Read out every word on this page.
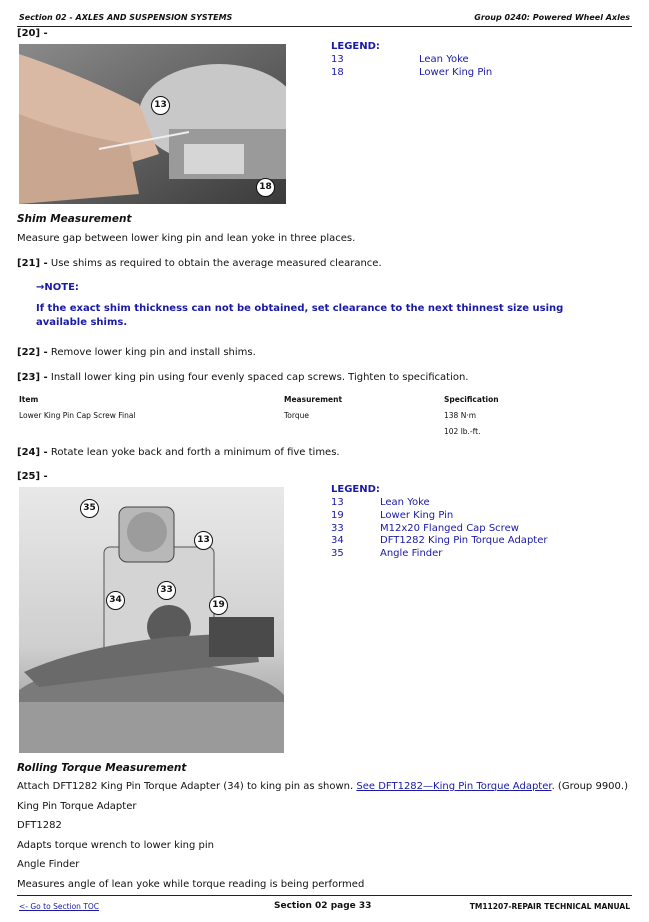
Section 02 - AXLES AND SUSPENSION SYSTEMS	Group 0240: Powered Wheel Axles
[20] -
13
18
LEGEND:
13	Lean Yoke
18	Lower King Pin
Shim Measurement
Measure gap between lower king pin and lean yoke in three places.
[21] - Use shims as required to obtain the average measured clearance.
→NOTE:
If the exact shim thickness can not be obtained, set clearance to the next thinnest size using available shims.
[22] - Remove lower king pin and install shims.
[23] - Install lower king pin using four evenly spaced cap screws. Tighten to specification.
Item	Measurement	Specification
Lower King Pin Cap Screw Final	Torque	138 N·m
102 lb.-ft.
[24] - Rotate lean yoke back and forth a minimum of five times.
[25] -
35
13
33
34	19
LEGEND:
13	Lean Yoke
19	Lower King Pin
33	M12x20 Flanged Cap Screw
34	DFT1282 King Pin Torque Adapter
35	Angle Finder
Rolling Torque Measurement
Attach DFT1282 King Pin Torque Adapter (34) to king pin as shown. See DFT1282—King Pin Torque Adapter. (Group 9900.)
King Pin Torque Adapter
DFT1282
Adapts torque wrench to lower king pin
Angle Finder
Measures angle of lean yoke while torque reading is being performed
<- Go to Section TOC	Section 02 page 33	TM11207-REPAIR TECHNICAL MANUAL
